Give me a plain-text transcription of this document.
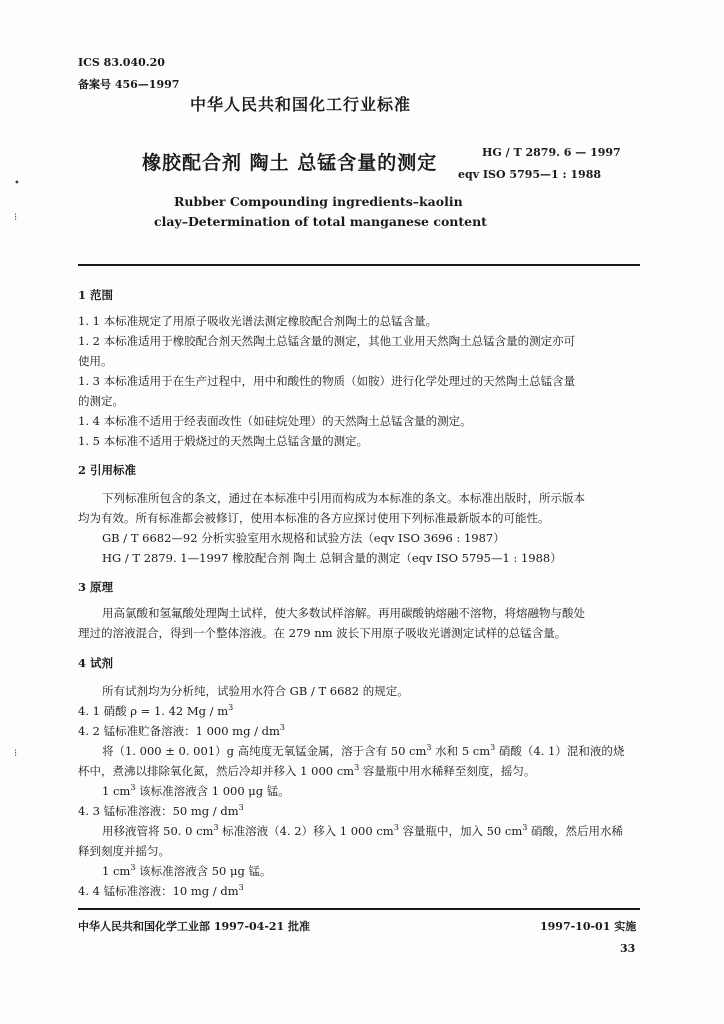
ICS 83.040.20
备案号 456—1997
中华人民共和国化工行业标准
橡胶配合剂 陶土 总锰含量的测定	HG / T 2879. 6 — 1997
eqv ISO 5795—1 : 1988
Rubber Compounding ingredients–kaolin
clay–Determination of total manganese content
1 范围
1. 1 本标准规定了用原子吸收光谱法测定橡胶配合剂陶土的总锰含量。
1. 2 本标准适用于橡胶配合剂天然陶土总锰含量的测定，其他工业用天然陶土总锰含量的测定亦可
使用。
1. 3 本标准适用于在生产过程中，用中和酸性的物质（如胺）进行化学处理过的天然陶土总锰含量
的测定。
1. 4 本标准不适用于经表面改性（如硅烷处理）的天然陶土总锰含量的测定。
1. 5 本标准不适用于煅烧过的天然陶土总锰含量的测定。
2 引用标准
下列标准所包含的条文，通过在本标准中引用而构成为本标准的条文。本标准出版时，所示版本
均为有效。所有标准都会被修订，使用本标准的各方应探讨使用下列标准最新版本的可能性。
GB / T 6682—92 分析实验室用水规格和试验方法（eqv ISO 3696 : 1987）
HG / T 2879. 1—1997 橡胶配合剂 陶土 总铜含量的测定（eqv ISO 5795—1 : 1988）
3 原理
用高氯酸和氢氟酸处理陶土试样，使大多数试样溶解。再用碳酸钠熔融不溶物，将熔融物与酸处
理过的溶液混合，得到一个整体溶液。在 279 nm 波长下用原子吸收光谱测定试样的总锰含量。
4 试剂
所有试剂均为分析纯，试验用水符合 GB / T 6682 的规定。
4. 1 硝酸 ρ = 1. 42 Mg / $m^3$
4. 2 锰标准贮备溶液：1 000 mg / $dm^3$
将（1. 000 ± 0. 001）g 高纯度无氧锰金属，溶于含有 50 $cm^3$ 水和 5 $cm^3$ 硝酸（4. 1）混和液的烧
杯中，煮沸以排除氧化氮，然后冷却并移入 1 000 $cm^3$ 容量瓶中用水稀释至刻度，摇匀。
1 $cm^3$ 该标准溶液含 1 000 μg 锰。
4. 3 锰标准溶液：50 mg / $dm^3$
用移液管将 50. 0 $cm^3$ 标准溶液（4. 2）移入 1 000 $cm^3$ 容量瓶中，加入 50 $cm^3$ 硝酸，然后用水稀
释到刻度并摇匀。
1 $cm^3$ 该标准溶液含 50 μg 锰。
4. 4 锰标准溶液：10 mg / $dm^3$
中华人民共和国化学工业部 1997-04-21 批准	1997-10-01 实施
33
•
⁝
⁝
